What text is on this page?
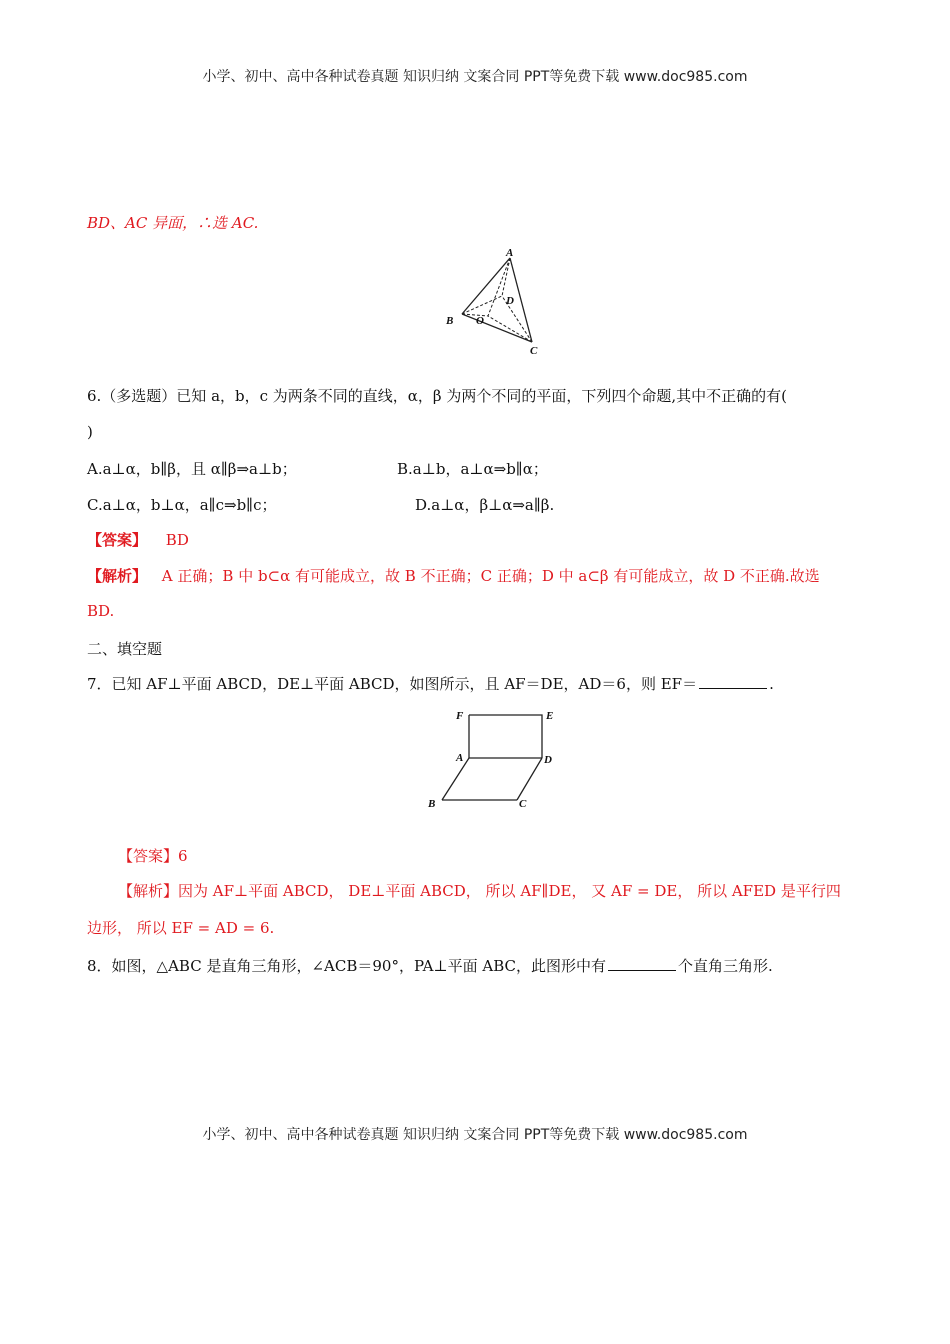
小学、初中、高中各种试卷真题 知识归纳 文案合同 PPT等免费下载 www.doc985.com
BD、AC 异面，∴选 AC.
A
B
C
D
O
6.（多选题）已知 a，b，c 为两条不同的直线，α，β 为两个不同的平面，下列四个命题,其中不正确的有(
)
A.a⊥α，b∥β，且 α∥β⇒a⊥b；	B.a⊥b，a⊥α⇒b∥α；
C.a⊥α，b⊥α，a∥c⇒b∥c；	D.a⊥α，β⊥α⇒a∥β.
【答案】 BD
【解析】 A 正确；B 中 b⊂α 有可能成立，故 B 不正确；C 正确；D 中 a⊂β 有可能成立，故 D 不正确.故选
BD.
二、填空题
7．已知 AF⊥平面 ABCD，DE⊥平面 ABCD，如图所示，且 AF＝DE，AD＝6，则 EF＝	.
F	E
A	D
B	C
【答案】6
【解析】因为 AF⊥平面 ABCD， DE⊥平面 ABCD， 所以 AF∥DE， 又 AF = DE， 所以 AFED 是平行四
边形， 所以 EF = AD = 6.
8．如图，△ABC 是直角三角形，∠ACB＝90°，PA⊥平面 ABC，此图形中有	个直角三角形.
小学、初中、高中各种试卷真题 知识归纳 文案合同 PPT等免费下载 www.doc985.com
